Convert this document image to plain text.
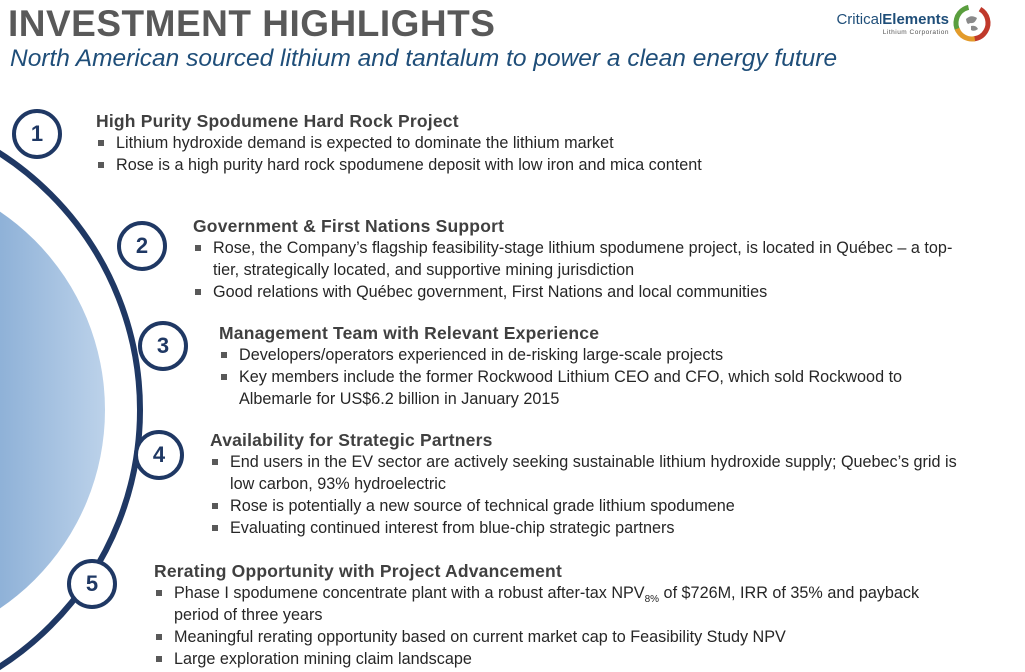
INVESTMENT HIGHLIGHTS
North American sourced lithium and tantalum to power a clean energy future
CriticalElements
Lithium Corporation
1
2
3
4
5
High Purity Spodumene Hard Rock Project
Lithium hydroxide demand is expected to dominate the lithium market
Rose is a high purity hard rock spodumene deposit with low iron and mica content
Government & First Nations Support
Rose, the Company’s flagship feasibility-stage lithium spodumene project, is located in Québec – a top-
tier, strategically located, and supportive mining jurisdiction
Good relations with Québec government, First Nations and local communities
Management Team with Relevant Experience
Developers/operators experienced in de-risking large-scale projects
Key members include the former Rockwood Lithium CEO and CFO, which sold Rockwood to
Albemarle for US$6.2 billion in January 2015
Availability for Strategic Partners
End users in the EV sector are actively seeking sustainable lithium hydroxide supply; Quebec’s grid is
low carbon, 93% hydroelectric
Rose is potentially a new source of technical grade lithium spodumene
Evaluating continued interest from blue-chip strategic partners
Rerating Opportunity with Project Advancement
Phase I spodumene concentrate plant with a robust after-tax $NPV_{8\%}$ of $726M, IRR of 35% and payback
period of three years
Meaningful rerating opportunity based on current market cap to Feasibility Study NPV
Large exploration mining claim landscape
